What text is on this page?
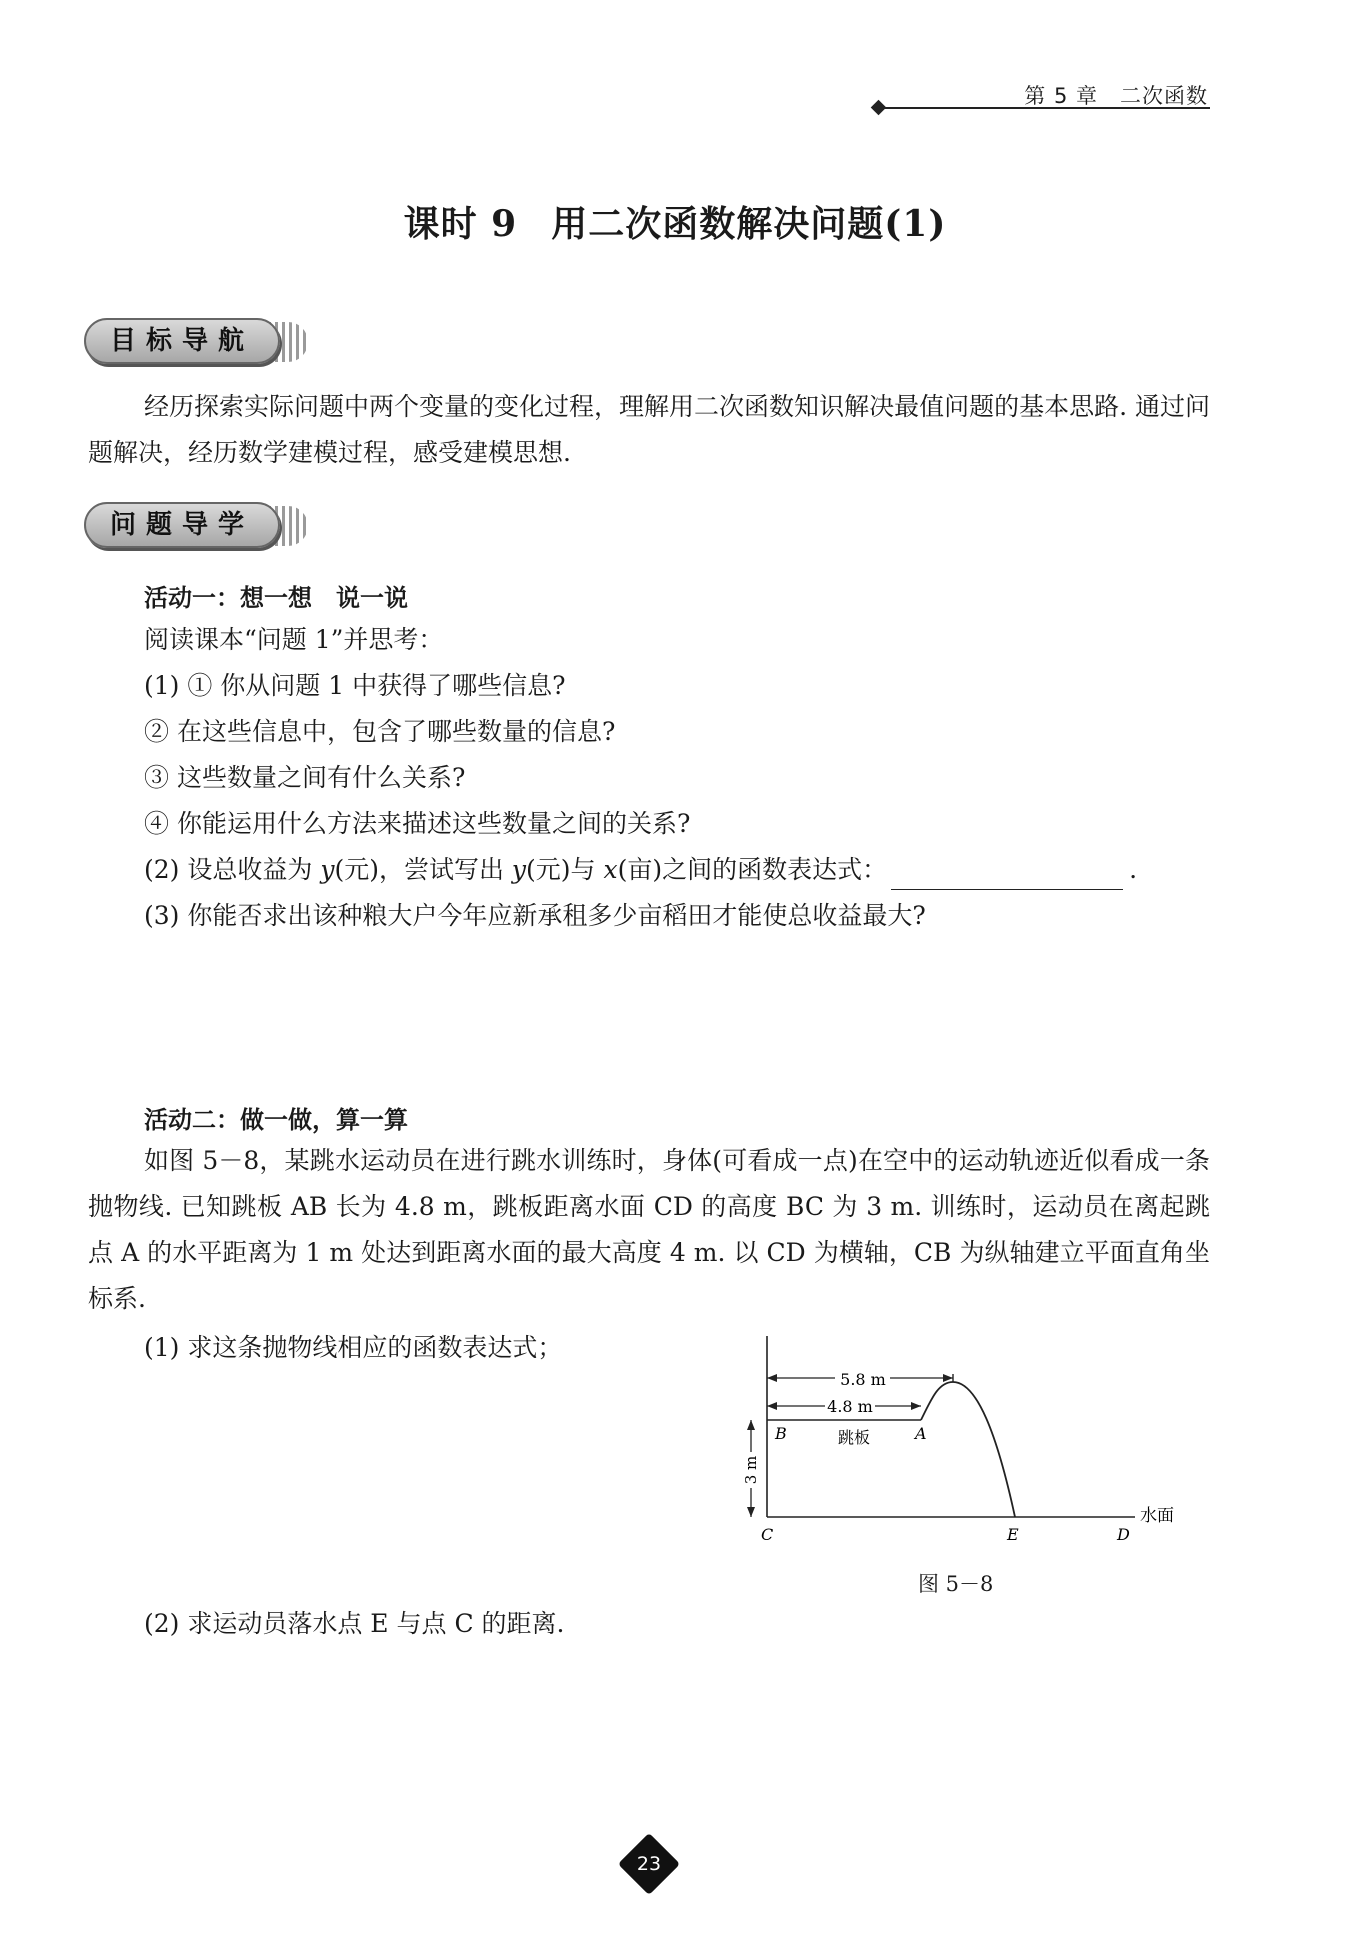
第 5 章 二次函数
课时 9 用二次函数解决问题(1)
目标导航
经历探索实际问题中两个变量的变化过程，理解用二次函数知识解决最值问题的基本思路. 通过问题解决，经历数学建模过程，感受建模思想.
问题导学
活动一：想一想　说一说
阅读课本“问题 1”并思考：
(1) ① 你从问题 1 中获得了哪些信息?
② 在这些信息中，包含了哪些数量的信息?
③ 这些数量之间有什么关系?
④ 你能运用什么方法来描述这些数量之间的关系?
(2) 设总收益为 y(元)，尝试写出 y(元)与 x(亩)之间的函数表达式：	.
(3) 你能否求出该种粮大户今年应新承租多少亩稻田才能使总收益最大?
活动二：做一做，算一算
如图 5－8，某跳水运动员在进行跳水训练时，身体(可看成一点)在空中的运动轨迹近似看成一条抛物线. 已知跳板 AB 长为 4.8 m，跳板距离水面 CD 的高度 BC 为 3 m. 训练时，运动员在离起跳点 A 的水平距离为 1 m 处达到距离水面的最大高度 4 m. 以 CD 为横轴，CB 为纵轴建立平面直角坐标系.
(1) 求这条抛物线相应的函数表达式；
5.8 m
4.8 m
3 m
B	跳板	A
C	E	D
水面
图 5－8
(2) 求运动员落水点 E 与点 C 的距离.
23
